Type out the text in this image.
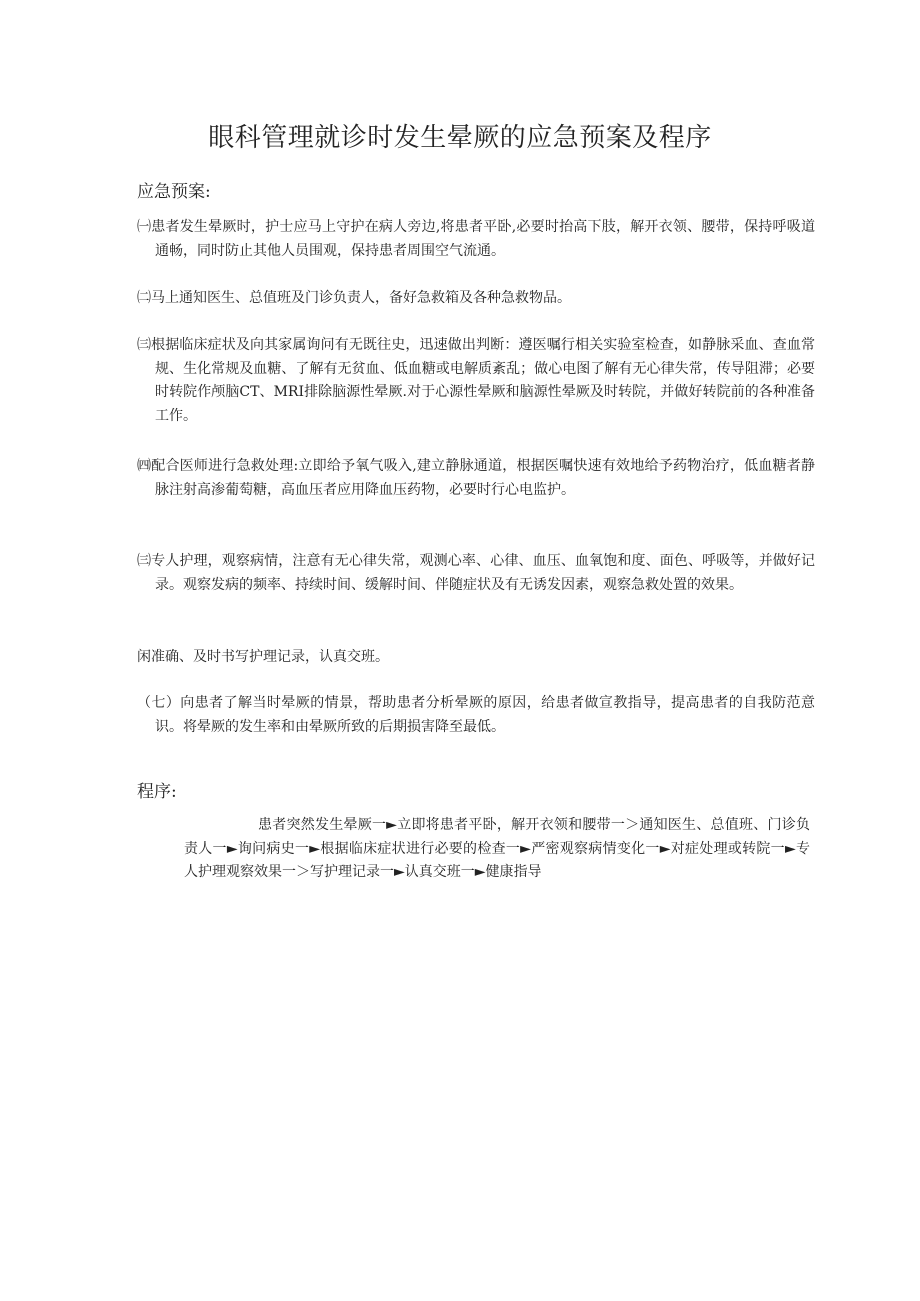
眼科管理就诊时发生晕厥的应急预案及程序
应急预案:
㈠患者发生晕厥时，护士应马上守护在病人旁边,将患者平卧,必要时抬高下肢，解开衣领、腰带，保持呼吸道通畅，同时防止其他人员围观，保持患者周围空气流通。
㈡马上通知医生、总值班及门诊负责人，备好急救箱及各种急救物品。
㈢根据临床症状及向其家属询问有无既往史，迅速做出判断：遵医嘱行相关实验室检查，如静脉采血、查血常规、生化常规及血糖、了解有无贫血、低血糖或电解质紊乱；做心电图了解有无心律失常，传导阻滞；必要时转院作颅脑CT、MRI排除脑源性晕厥.对于心源性晕厥和脑源性晕厥及时转院，并做好转院前的各种准备工作。
㈣配合医师进行急救处理:立即给予氧气吸入,建立静脉通道，根据医嘱快速有效地给予药物治疗，低血糖者静脉注射高渗葡萄糖，高血压者应用降血压药物，必要时行心电监护。
㈢专人护理，观察病情，注意有无心律失常，观测心率、心律、血压、血氧饱和度、面色、呼吸等，并做好记录。观察发病的频率、持续时间、缓解时间、伴随症状及有无诱发因素，观察急救处置的效果。
闲准确、及时书写护理记录，认真交班。
（七）向患者了解当时晕厥的情景，帮助患者分析晕厥的原因，给患者做宣教指导，提高患者的自我防范意识。将晕厥的发生率和由晕厥所致的后期损害降至最低。
程序:
患者突然发生晕厥一►立即将患者平卧，解开衣领和腰带一＞通知医生、总值班、门诊负责人一►询问病史一►根据临床症状进行必要的检查一►严密观察病情变化一►对症处理或转院一►专人护理观察效果一＞写护理记录一►认真交班一►健康指导
